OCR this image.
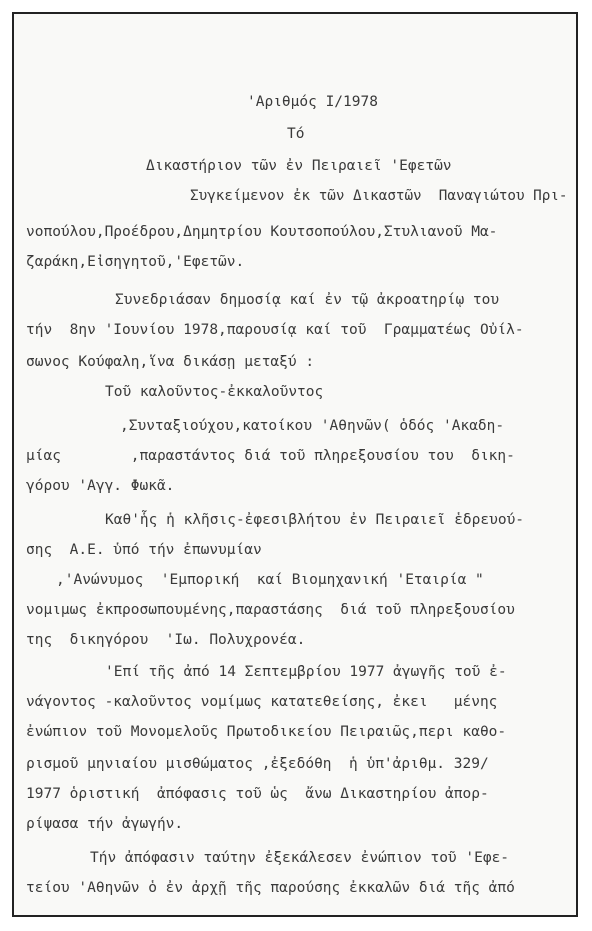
'Αριθμός Ι/1978
Τό
Δικαστήριον τῶν ἐν Πειραιεῖ 'Εφετῶν
Συγκείμενον ἐκ τῶν Δικαστῶν  Παναγιώτου Πρι-
νοπούλου,Προέδρου,Δημητρίου Κουτσοπούλου,Στυλιανοῦ Μα-
ζαράκη,Εἰσηγητοῦ,'Εφετῶν.
Συνεδριάσαν δημοσίᾳ καί ἐν τῷ ἀκροατηρίῳ του
τήν  8ην 'Ιουνίου 1978,παρουσίᾳ καί τοῦ  Γραμματέως Οὐίλ-
σωνος Κούφαλη,ἵνα δικάσῃ μεταξύ :
Τοῦ καλοῦντος-ἐκκαλοῦντος
,Συνταξιούχου,κατοίκου 'Αθηνῶν( ὁδός 'Ακαδη-
μίας        ,παραστάντος διά τοῦ πληρεξουσίου του  δικη-
γόρου 'Αγγ. Φωκᾶ.
Καθ'ἧς ἡ κλῆσις-ἐφεσιβλήτου ἐν Πειραιεῖ ἑδρευού-
σης  Α.Ε. ὑπό τήν ἐπωνυμίαν
,'Ανώνυμος  'Εμπορική  καί Βιομηχανική 'Εταιρία "
νομιμως ἐκπροσωπουμένης,παραστάσης  διά τοῦ πληρεξουσίου
της  δικηγόρου  'Ιω. Πολυχρονέα.
'Επί τῆς ἀπό 14 Σεπτεμβρίου 1977 ἀγωγῆς τοῦ ἐ-
νάγοντος -καλοῦντος νομίμως κατατεθείσης, ἐκει   μένης
ἐνώπιον τοῦ Μονομελοῦς Πρωτοδικείου Πειραιῶς,περι καθο-
ρισμοῦ μηνιαίου μισθώματος ,ἐξεδόθη  ἡ ὑπ'ἀριθμ. 329/
1977 ὁριστική  ἀπόφασις τοῦ ὡς  ἄνω Δικαστηρίου ἀπορ-
ρίψασα τήν ἀγωγήν.
Τήν ἀπόφασιν ταύτην ἐξεκάλεσεν ἐνώπιον τοῦ 'Εφε-
τείου 'Αθηνῶν ὁ ἐν ἀρχῇ τῆς παρούσης ἐκκαλῶν διά τῆς ἀπό
